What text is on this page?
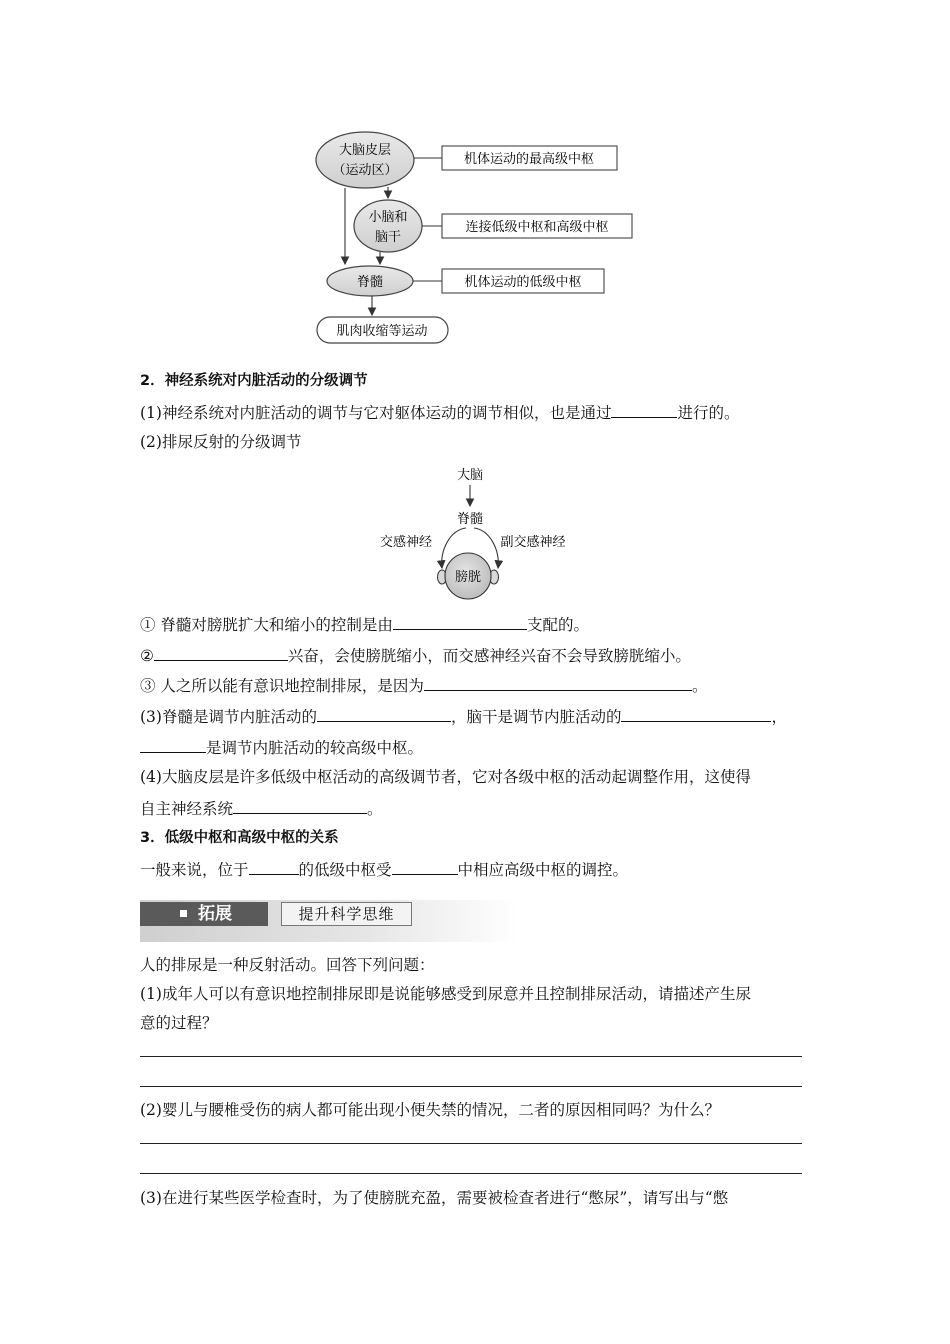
大脑皮层
（运动区）
小脑和
脑干
脊髓
肌肉收缩等运动
机体运动的最高级中枢
连接低级中枢和高级中枢
机体运动的低级中枢
2．神经系统对内脏活动的分级调节
(1)神经系统对内脏活动的调节与它对躯体运动的调节相似，也是通过	进行的。
(2)排尿反射的分级调节
大脑
脊髓
交感神经	副交感神经
膀胱
① 脊髓对膀胱扩大和缩小的控制是由	支配的。
②	兴奋，会使膀胱缩小，而交感神经兴奋不会导致膀胱缩小。
③ 人之所以能有意识地控制排尿，是因为	。
(3)脊髓是调节内脏活动的	，脑干是调节内脏活动的	，
是调节内脏活动的较高级中枢。
(4)大脑皮层是许多低级中枢活动的高级调节者，它对各级中枢的活动起调整作用，这使得
自主神经系统	。
3．低级中枢和高级中枢的关系
一般来说，位于	的低级中枢受	中相应高级中枢的调控。
拓展	提升科学思维
人的排尿是一种反射活动。回答下列问题：
(1)成年人可以有意识地控制排尿即是说能够感受到尿意并且控制排尿活动，请描述产生尿
意的过程？
(2)婴儿与腰椎受伤的病人都可能出现小便失禁的情况，二者的原因相同吗？为什么？
(3)在进行某些医学检查时，为了使膀胱充盈，需要被检查者进行“憋尿”，请写出与“憋
